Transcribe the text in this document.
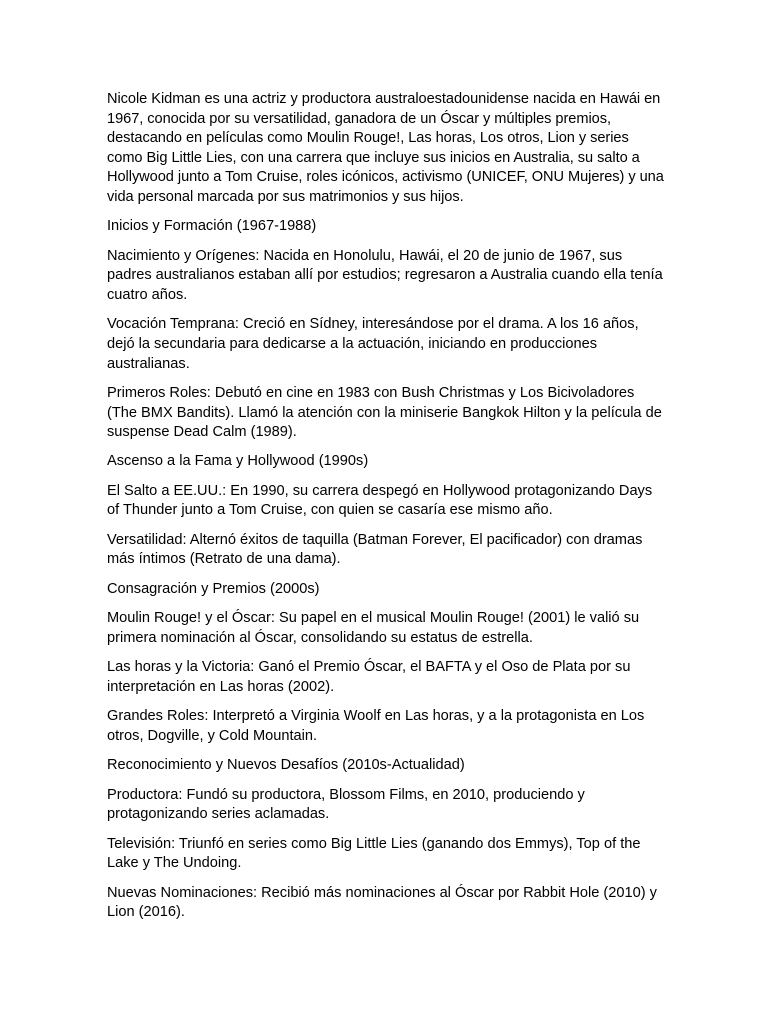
Nicole Kidman es una actriz y productora australoestadounidense nacida en Hawái en 1967, conocida por su versatilidad, ganadora de un Óscar y múltiples premios, destacando en películas como Moulin Rouge!, Las horas, Los otros, Lion y series como Big Little Lies, con una carrera que incluye sus inicios en Australia, su salto a Hollywood junto a Tom Cruise, roles icónicos, activismo (UNICEF, ONU Mujeres) y una vida personal marcada por sus matrimonios y sus hijos.

Inicios y Formación (1967-1988)

Nacimiento y Orígenes: Nacida en Honolulu, Hawái, el 20 de junio de 1967, sus padres australianos estaban allí por estudios; regresaron a Australia cuando ella tenía cuatro años.

Vocación Temprana: Creció en Sídney, interesándose por el drama. A los 16 años, dejó la secundaria para dedicarse a la actuación, iniciando en producciones australianas.

Primeros Roles: Debutó en cine en 1983 con Bush Christmas y Los Bicivoladores (The BMX Bandits). Llamó la atención con la miniserie Bangkok Hilton y la película de suspense Dead Calm (1989).

Ascenso a la Fama y Hollywood (1990s)

El Salto a EE.UU.: En 1990, su carrera despegó en Hollywood protagonizando Days of Thunder junto a Tom Cruise, con quien se casaría ese mismo año.

Versatilidad: Alternó éxitos de taquilla (Batman Forever, El pacificador) con dramas más íntimos (Retrato de una dama).

Consagración y Premios (2000s)

Moulin Rouge! y el Óscar: Su papel en el musical Moulin Rouge! (2001) le valió su primera nominación al Óscar, consolidando su estatus de estrella.

Las horas y la Victoria: Ganó el Premio Óscar, el BAFTA y el Oso de Plata por su interpretación en Las horas (2002).

Grandes Roles: Interpretó a Virginia Woolf en Las horas, y a la protagonista en Los otros, Dogville, y Cold Mountain.

Reconocimiento y Nuevos Desafíos (2010s-Actualidad)

Productora: Fundó su productora, Blossom Films, en 2010, produciendo y protagonizando series aclamadas.

Televisión: Triunfó en series como Big Little Lies (ganando dos Emmys), Top of the Lake y The Undoing.

Nuevas Nominaciones: Recibió más nominaciones al Óscar por Rabbit Hole (2010) y Lion (2016).
